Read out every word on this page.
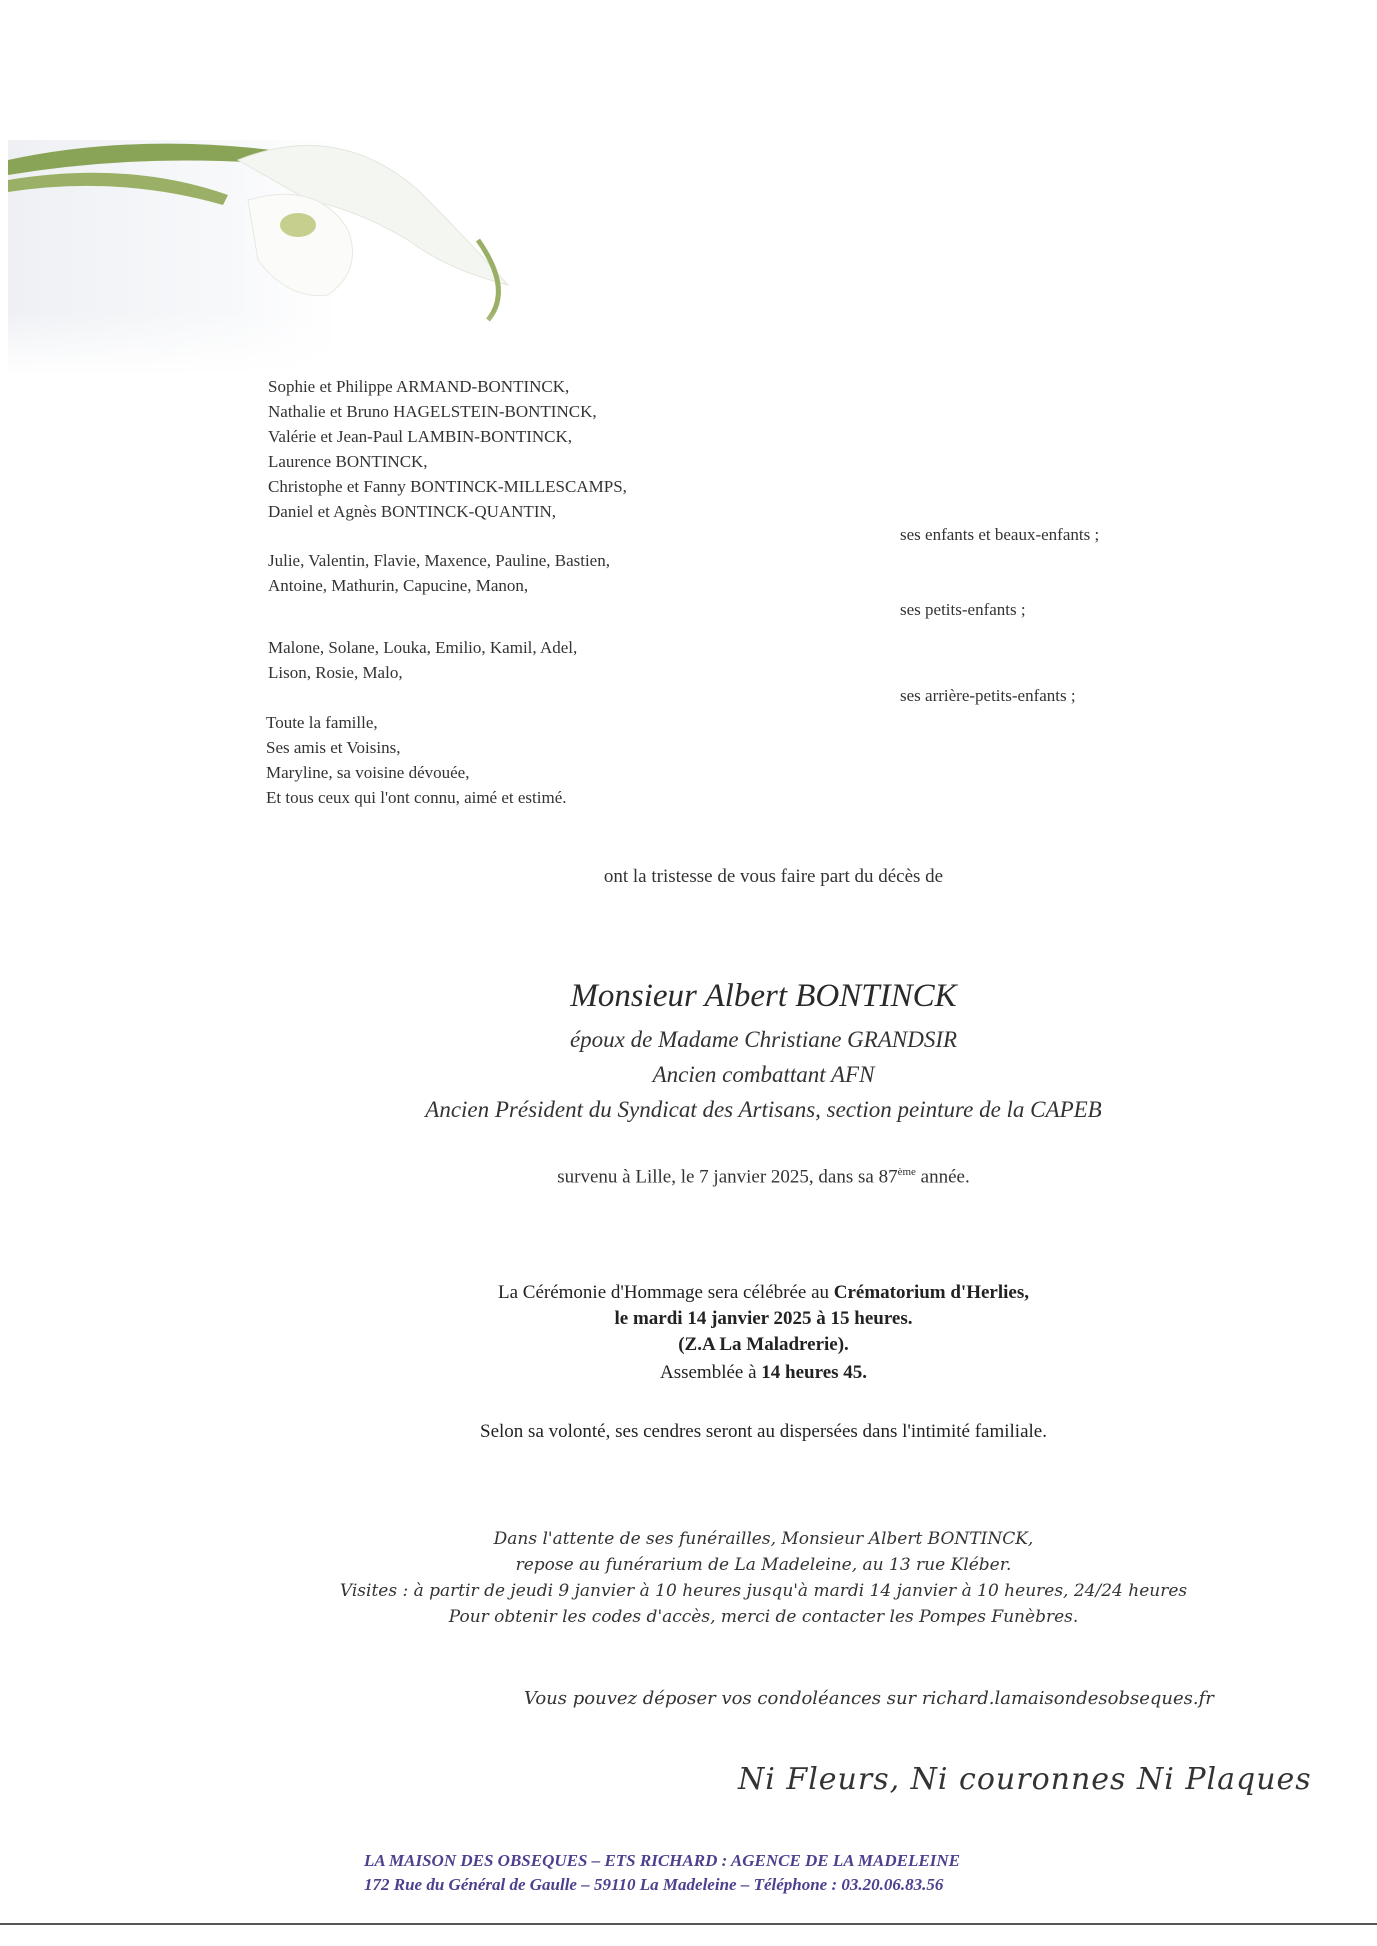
Sophie et Philippe ARMAND-BONTINCK,
Nathalie et Bruno HAGELSTEIN-BONTINCK,
Valérie et Jean-Paul LAMBIN-BONTINCK,
Laurence BONTINCK,
Christophe et Fanny BONTINCK-MILLESCAMPS,
Daniel et Agnès BONTINCK-QUANTIN,
Julie, Valentin, Flavie, Maxence, Pauline, Bastien,
Antoine, Mathurin, Capucine, Manon,
Malone, Solane, Louka, Emilio, Kamil, Adel,
Lison, Rosie, Malo,
Toute la famille,
Ses amis et Voisins,
Maryline, sa voisine dévouée,
Et tous ceux qui l'ont connu, aimé et estimé.
ses enfants et beaux-enfants ;
ses petits-enfants ;
ses arrière-petits-enfants ;
ont la tristesse de vous faire part du décès de
Monsieur Albert BONTINCK
époux de Madame Christiane GRANDSIR
Ancien combattant AFN
Ancien Président du Syndicat des Artisans, section peinture de la CAPEB
survenu à Lille, le 7 janvier 2025, dans sa 87ème année.
La Cérémonie d'Hommage sera célébrée au Crématorium d'Herlies,
le mardi 14 janvier 2025 à 15 heures.
(Z.A La Maladrerie).
Assemblée à 14 heures 45.
Selon sa volonté, ses cendres seront au dispersées dans l'intimité familiale.
Dans l'attente de ses funérailles, Monsieur Albert BONTINCK,
repose au funérarium de La Madeleine, au 13 rue Kléber.
Visites : à partir de jeudi 9 janvier à 10 heures jusqu'à mardi 14 janvier à 10 heures, 24/24 heures
Pour obtenir les codes d'accès, merci de contacter les Pompes Funèbres.
Vous pouvez déposer vos condoléances sur richard.lamaisondesobseques.fr
Ni Fleurs, Ni couronnes Ni Plaques
LA MAISON DES OBSEQUES – ETS RICHARD : AGENCE DE LA MADELEINE
172 Rue du Général de Gaulle – 59110 La Madeleine – Téléphone : 03.20.06.83.56
